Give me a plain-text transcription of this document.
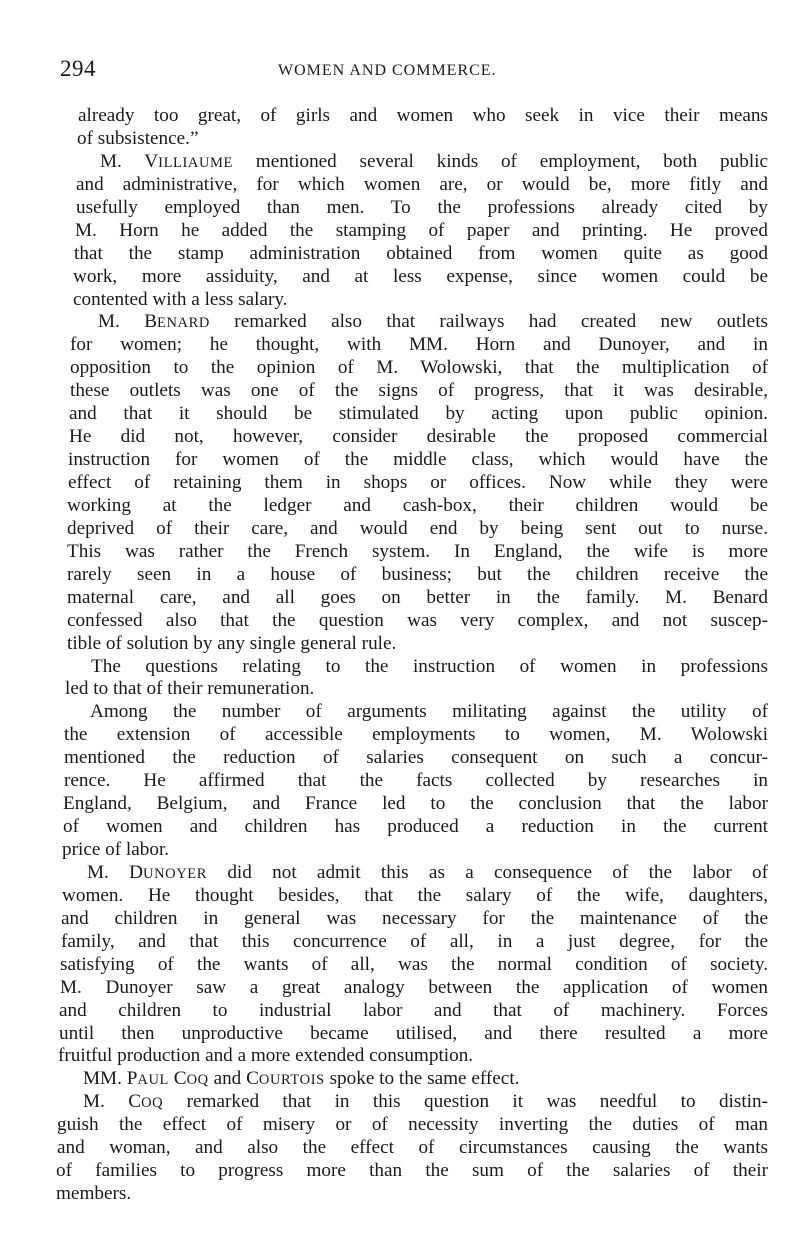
294	WOMEN AND COMMERCE.
already too great, of girls and women who seek in vice their means
of subsistence.”
M. VILLIAUME mentioned several kinds of employment, both public
and administrative, for which women are, or would be, more fitly and
usefully employed than men. To the professions already cited by
M. Horn he added the stamping of paper and printing. He proved
that the stamp administration obtained from women quite as good
work, more assiduity, and at less expense, since women could be
contented with a less salary.
M. BENARD remarked also that railways had created new outlets
for women; he thought, with MM. Horn and Dunoyer, and in
opposition to the opinion of M. Wolowski, that the multiplication of
these outlets was one of the signs of progress, that it was desirable,
and that it should be stimulated by acting upon public opinion.
He did not, however, consider desirable the proposed commercial
instruction for women of the middle class, which would have the
effect of retaining them in shops or offices. Now while they were
working at the ledger and cash-box, their children would be
deprived of their care, and would end by being sent out to nurse.
This was rather the French system. In England, the wife is more
rarely seen in a house of business; but the children receive the
maternal care, and all goes on better in the family. M. Benard
confessed also that the question was very complex, and not suscep-
tible of solution by any single general rule.
The questions relating to the instruction of women in professions
led to that of their remuneration.
Among the number of arguments militating against the utility of
the extension of accessible employments to women, M. Wolowski
mentioned the reduction of salaries consequent on such a concur-
rence. He affirmed that the facts collected by researches in
England, Belgium, and France led to the conclusion that the labor
of women and children has produced a reduction in the current
price of labor.
M. DUNOYER did not admit this as a consequence of the labor of
women. He thought besides, that the salary of the wife, daughters,
and children in general was necessary for the maintenance of the
family, and that this concurrence of all, in a just degree, for the
satisfying of the wants of all, was the normal condition of society.
M. Dunoyer saw a great analogy between the application of women
and children to industrial labor and that of machinery. Forces
until then unproductive became utilised, and there resulted a more
fruitful production and a more extended consumption.
MM. PAUL COQ and COURTOIS spoke to the same effect.
M. COQ remarked that in this question it was needful to distin-
guish the effect of misery or of necessity inverting the duties of man
and woman, and also the effect of circumstances causing the wants
of families to progress more than the sum of the salaries of their
members.
